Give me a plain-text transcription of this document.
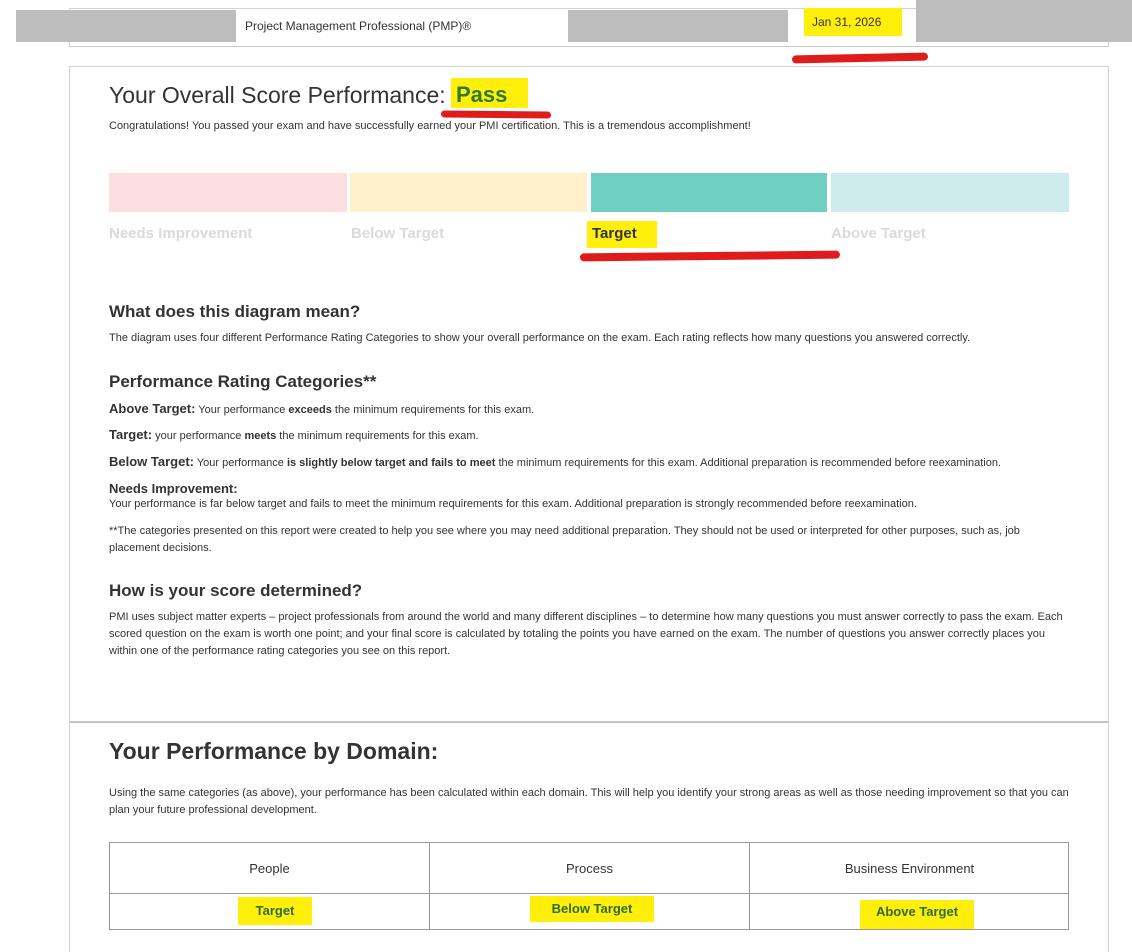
Project Management Professional (PMP)®	Jan 31, 2026
Your Overall Score Performance: Pass
Congratulations! You passed your exam and have successfully earned your PMI certification. This is a tremendous accomplishment!
Needs Improvement	Below Target	Target	Above Target
What does this diagram mean?
The diagram uses four different Performance Rating Categories to show your overall performance on the exam. Each rating reflects how many questions you answered correctly.
Performance Rating Categories**
Above Target: Your performance exceeds the minimum requirements for this exam.
Target: your performance meets the minimum requirements for this exam.
Below Target: Your performance is slightly below target and fails to meet the minimum requirements for this exam. Additional preparation is recommended before reexamination.
Needs Improvement:
Your performance is far below target and fails to meet the minimum requirements for this exam. Additional preparation is strongly recommended before reexamination.
**The categories presented on this report were created to help you see where you may need additional preparation. They should not be used or interpreted for other purposes, such as, job placement decisions.
How is your score determined?
PMI uses subject matter experts – project professionals from around the world and many different disciplines – to determine how many questions you must answer correctly to pass the exam. Each scored question on the exam is worth one point; and your final score is calculated by totaling the points you have earned on the exam. The number of questions you answer correctly places you within one of the performance rating categories you see on this report.
Your Performance by Domain:
Using the same categories (as above), your performance has been calculated within each domain. This will help you identify your strong areas as well as those needing improvement so that you can plan your future professional development.
People	Process	Business Environment
Target	Below Target	Above Target
